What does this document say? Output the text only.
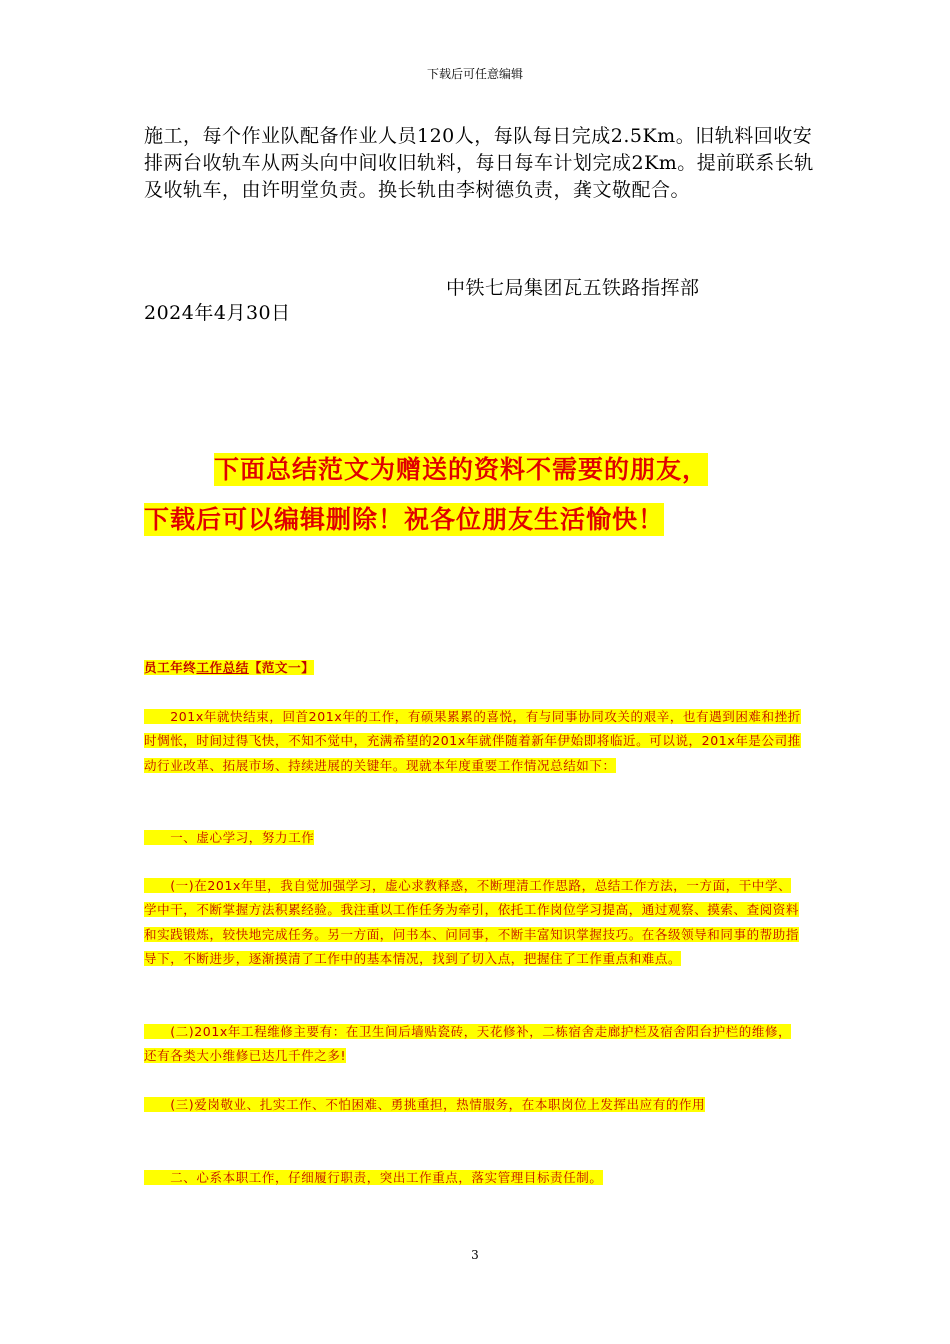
下载后可任意编辑

施工，每个作业队配备作业人员120人，每队每日完成2.5Km。旧轨料回收安排两台收轨车从两头向中间收旧轨料，每日每车计划完成2Km。提前联系长轨及收轨车，由许明堂负责。换长轨由李树德负责，龚文敬配合。

中铁七局集团瓦五铁路指挥部
2024年4月30日
下面总结范文为赠送的资料不需要的朋友，
下载后可以编辑删除！祝各位朋友生活愉快！
员工年终工作总结【范文一】
　　201x年就快结束，回首201x年的工作，有硕果累累的喜悦，有与同事协同攻关的艰辛，也有遇到困难和挫折时惆怅，时间过得飞快，不知不觉中，充满希望的201x年就伴随着新年伊始即将临近。可以说，201x年是公司推动行业改革、拓展市场、持续进展的关键年。现就本年度重要工作情况总结如下：
　　一、虚心学习，努力工作
　　(一)在201x年里，我自觉加强学习，虚心求教释惑，不断理清工作思路，总结工作方法，一方面，干中学、学中干，不断掌握方法积累经验。我注重以工作任务为牵引，依托工作岗位学习提高，通过观察、摸索、查阅资料和实践锻炼，较快地完成任务。另一方面，问书本、问同事，不断丰富知识掌握技巧。在各级领导和同事的帮助指导下，不断进步，逐渐摸清了工作中的基本情况，找到了切入点，把握住了工作重点和难点。
　　(二)201x年工程维修主要有：在卫生间后墙贴瓷砖，天花修补，二栋宿舍走廊护栏及宿舍阳台护栏的维修，还有各类大小维修已达几千件之多!
　　(三)爱岗敬业、扎实工作、不怕困难、勇挑重担，热情服务，在本职岗位上发挥出应有的作用
　　二、心系本职工作，仔细履行职责，突出工作重点，落实管理目标责任制。
3
